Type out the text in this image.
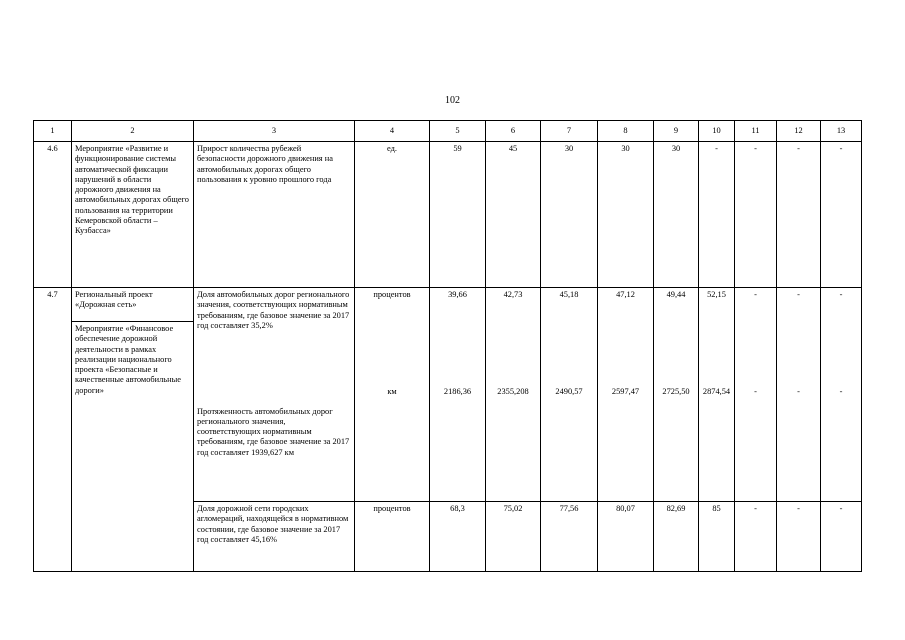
102
1	2	3	4	5	6	7	8	9	10	11	12	13
4.6	Мероприятие «Развитие и функционирование системы автоматической фиксации нарушений в области дорожного движения на автомобильных дорогах общего пользования на территории Кемеровской области – Кузбасса»	Прирост количества рубежей безопасности дорожного движения на автомобильных дорогах общего пользования к уровню прошлого года	ед.	59	45	30	30	30	-	-	-	-
4.7	Региональный проект «Дорожная сеть»	Доля автомобильных дорог регионального значения, соответствующих нормативным требованиям, где базовое значение за 2017 год составляет 35,2%	процентов	39,66	42,73	45,18	47,12	49,44	52,15	-	-	-
	Мероприятие «Финансовое обеспечение дорожной деятельности в рамках реализации национального проекта «Безопасные и качественные автомобильные дороги»											
		Протяженность автомобильных дорог регионального значения, соответствующих нормативным требованиям, где базовое значение за 2017 год составляет 1939,627 км	км	2186,36	2355,208	2490,57	2597,47	2725,50	2874,54	-	-	-
		Доля дорожной сети городских агломераций, находящейся в нормативном состоянии, где базовое значение за 2017 год составляет 45,16%	процентов	68,3	75,02	77,56	80,07	82,69	85	-	-	-
